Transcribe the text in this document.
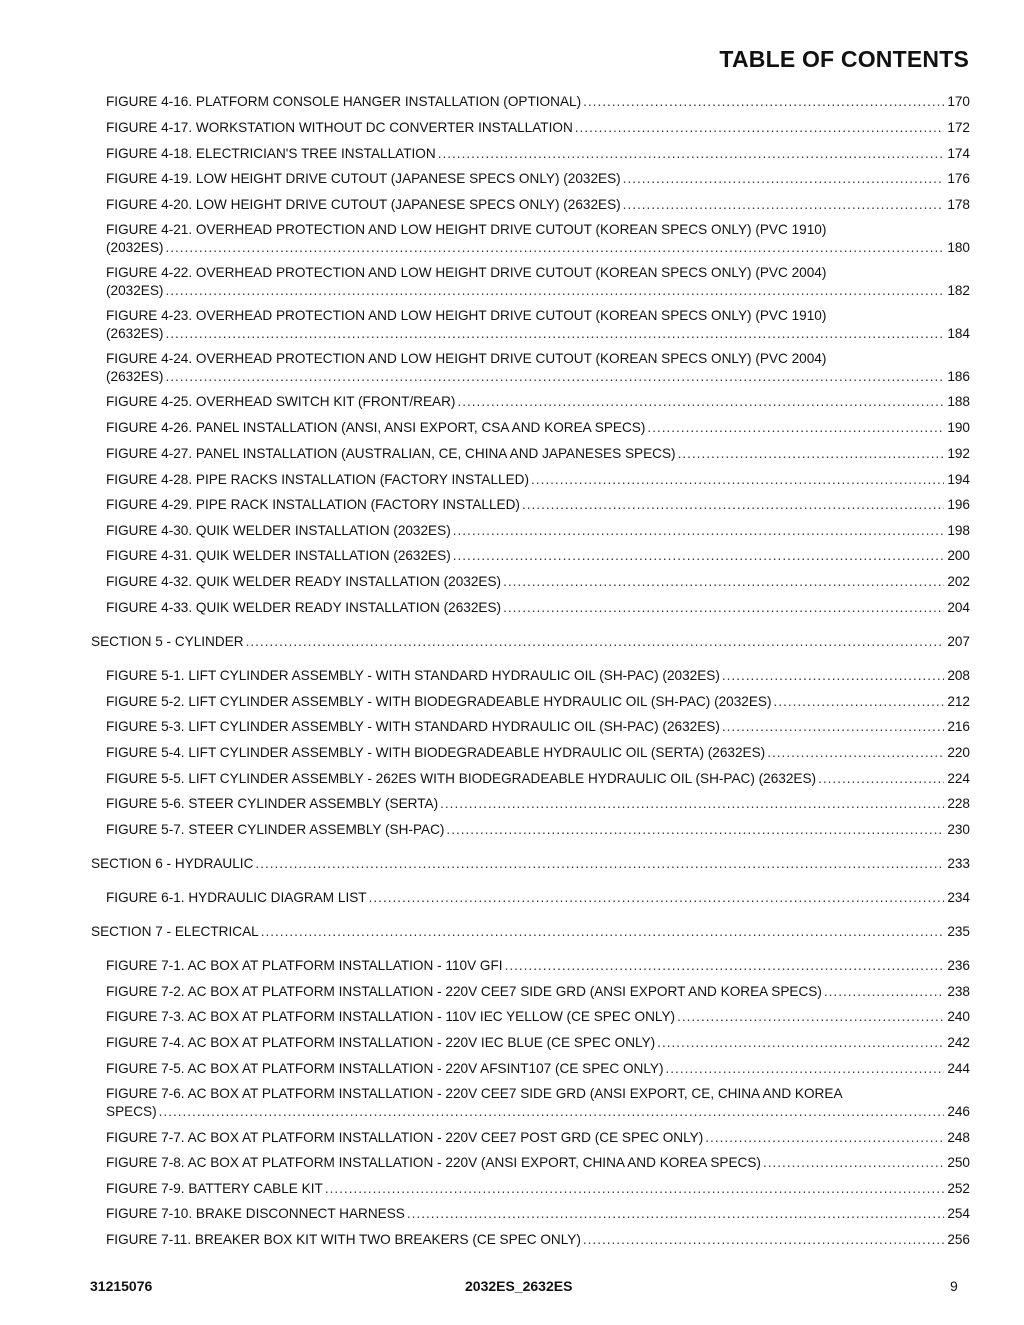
TABLE OF CONTENTS
FIGURE 4-16. PLATFORM CONSOLE HANGER INSTALLATION (OPTIONAL) .....	170
FIGURE 4-17. WORKSTATION WITHOUT DC CONVERTER INSTALLATION .....	172
FIGURE 4-18. ELECTRICIAN'S TREE INSTALLATION .....	174
FIGURE 4-19. LOW HEIGHT DRIVE CUTOUT (JAPANESE SPECS ONLY) (2032ES) .....	176
FIGURE 4-20. LOW HEIGHT DRIVE CUTOUT (JAPANESE SPECS ONLY) (2632ES) .....	178
FIGURE 4-21. OVERHEAD PROTECTION AND LOW HEIGHT DRIVE CUTOUT (KOREAN SPECS ONLY) (PVC 1910)
(2032ES) .....	180
FIGURE 4-22. OVERHEAD PROTECTION AND LOW HEIGHT DRIVE CUTOUT (KOREAN SPECS ONLY) (PVC 2004)
(2032ES) .....	182
FIGURE 4-23. OVERHEAD PROTECTION AND LOW HEIGHT DRIVE CUTOUT (KOREAN SPECS ONLY) (PVC 1910)
(2632ES) .....	184
FIGURE 4-24. OVERHEAD PROTECTION AND LOW HEIGHT DRIVE CUTOUT (KOREAN SPECS ONLY) (PVC 2004)
(2632ES) .....	186
FIGURE 4-25. OVERHEAD SWITCH KIT (FRONT/REAR) .....	188
FIGURE 4-26. PANEL INSTALLATION (ANSI, ANSI EXPORT, CSA AND KOREA SPECS) .....	190
FIGURE 4-27. PANEL INSTALLATION (AUSTRALIAN, CE, CHINA AND JAPANESES SPECS) .....	192
FIGURE 4-28. PIPE RACKS INSTALLATION (FACTORY INSTALLED) .....	194
FIGURE 4-29. PIPE RACK INSTALLATION (FACTORY INSTALLED) .....	196
FIGURE 4-30. QUIK WELDER INSTALLATION (2032ES) .....	198
FIGURE 4-31. QUIK WELDER INSTALLATION (2632ES) .....	200
FIGURE 4-32. QUIK WELDER READY INSTALLATION (2032ES) .....	202
FIGURE 4-33. QUIK WELDER READY INSTALLATION (2632ES) .....	204
SECTION 5 - CYLINDER .....	207
FIGURE 5-1. LIFT CYLINDER ASSEMBLY - WITH STANDARD HYDRAULIC OIL (SH-PAC) (2032ES) .....	208
FIGURE 5-2. LIFT CYLINDER ASSEMBLY - WITH BIODEGRADEABLE HYDRAULIC OIL (SH-PAC) (2032ES) .....	212
FIGURE 5-3. LIFT CYLINDER ASSEMBLY - WITH STANDARD HYDRAULIC OIL (SH-PAC) (2632ES) .....	216
FIGURE 5-4. LIFT CYLINDER ASSEMBLY - WITH BIODEGRADEABLE HYDRAULIC OIL (SERTA) (2632ES) .....	220
FIGURE 5-5. LIFT CYLINDER ASSEMBLY - 262ES WITH BIODEGRADEABLE HYDRAULIC OIL (SH-PAC) (2632ES) .....	224
FIGURE 5-6. STEER CYLINDER ASSEMBLY (SERTA) .....	228
FIGURE 5-7. STEER CYLINDER ASSEMBLY (SH-PAC) .....	230
SECTION 6 - HYDRAULIC .....	233
FIGURE 6-1. HYDRAULIC DIAGRAM LIST .....	234
SECTION 7 - ELECTRICAL .....	235
FIGURE 7-1. AC BOX AT PLATFORM INSTALLATION - 110V GFI .....	236
FIGURE 7-2. AC BOX AT PLATFORM INSTALLATION - 220V CEE7 SIDE GRD (ANSI EXPORT AND KOREA SPECS) .....	238
FIGURE 7-3. AC BOX AT PLATFORM INSTALLATION - 110V IEC YELLOW (CE SPEC ONLY) .....	240
FIGURE 7-4. AC BOX AT PLATFORM INSTALLATION - 220V IEC BLUE (CE SPEC ONLY) .....	242
FIGURE 7-5. AC BOX AT PLATFORM INSTALLATION - 220V AFSINT107 (CE SPEC ONLY) .....	244
FIGURE 7-6. AC BOX AT PLATFORM INSTALLATION - 220V CEE7 SIDE GRD (ANSI EXPORT, CE, CHINA AND KOREA
SPECS) .....	246
FIGURE 7-7. AC BOX AT PLATFORM INSTALLATION - 220V CEE7 POST GRD (CE SPEC ONLY) .....	248
FIGURE 7-8. AC BOX AT PLATFORM INSTALLATION - 220V (ANSI EXPORT, CHINA AND KOREA SPECS) .....	250
FIGURE 7-9. BATTERY CABLE KIT .....	252
FIGURE 7-10. BRAKE DISCONNECT HARNESS .....	254
FIGURE 7-11. BREAKER BOX KIT WITH TWO BREAKERS (CE SPEC ONLY) .....	256
31215076	2032ES_2632ES	9
